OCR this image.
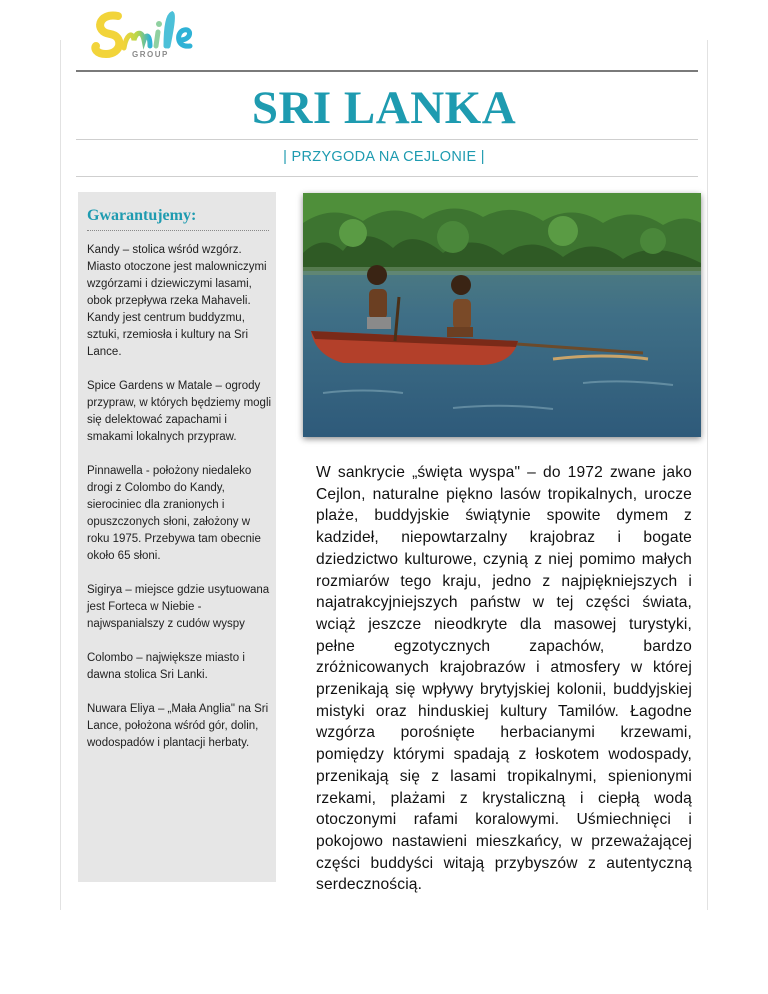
GROUP
SRI LANKA
| PRZYGODA NA CEJLONIE |
Gwarantujemy:
Kandy – stolica wśród wzgórz. Miasto otoczone jest malowniczymi wzgórzami i dziewiczymi lasami, obok przepływa rzeka Mahaveli. Kandy jest centrum buddyzmu, sztuki, rzemiosła i kultury na Sri Lance.
Spice Gardens w Matale – ogrody przypraw, w których będziemy mogli się delektować zapachami i smakami lokalnych przypraw.
Pinnawella - położony niedaleko drogi z Colombo do Kandy, sierociniec dla zranionych i opuszczonych słoni, założony w roku 1975. Przebywa tam obecnie około 65 słoni.
Sigirya – miejsce gdzie usytuowana jest Forteca w Niebie - najwspanialszy z cudów wyspy
Colombo – największe miasto i dawna stolica Sri Lanki.
Nuwara Eliya – „Mała Anglia" na Sri Lance, położona wśród gór, dolin, wodospadów i plantacji herbaty.

W sankrycie „święta wyspa" – do 1972 zwane jako Cejlon, naturalne piękno lasów tropikalnych, urocze plaże, buddyjskie świątynie spowite dymem z kadzideł, niepowtarzalny krajobraz i bogate dziedzictwo kulturowe, czynią z niej pomimo małych rozmiarów tego kraju, jedno z najpiękniejszych i najatrakcyjniejszych państw w tej części świata, wciąż jeszcze nieodkryte dla masowej turystyki, pełne egzotycznych zapachów, bardzo zróżnicowanych krajobrazów i atmosfery w której przenikają się wpływy brytyjskiej kolonii, buddyjskiej mistyki oraz hinduskiej kultury Tamilów. Łagodne wzgórza porośnięte herbacianymi krzewami, pomiędzy którymi spadają z łoskotem wodospady, przenikają się z lasami tropikalnymi, spienionymi rzekami, plażami z krystaliczną i ciepłą wodą otoczonymi rafami koralowymi. Uśmiechnięci i pokojowo nastawieni mieszkańcy, w przeważającej części buddyści witają przybyszów z autentyczną serdecznością.
